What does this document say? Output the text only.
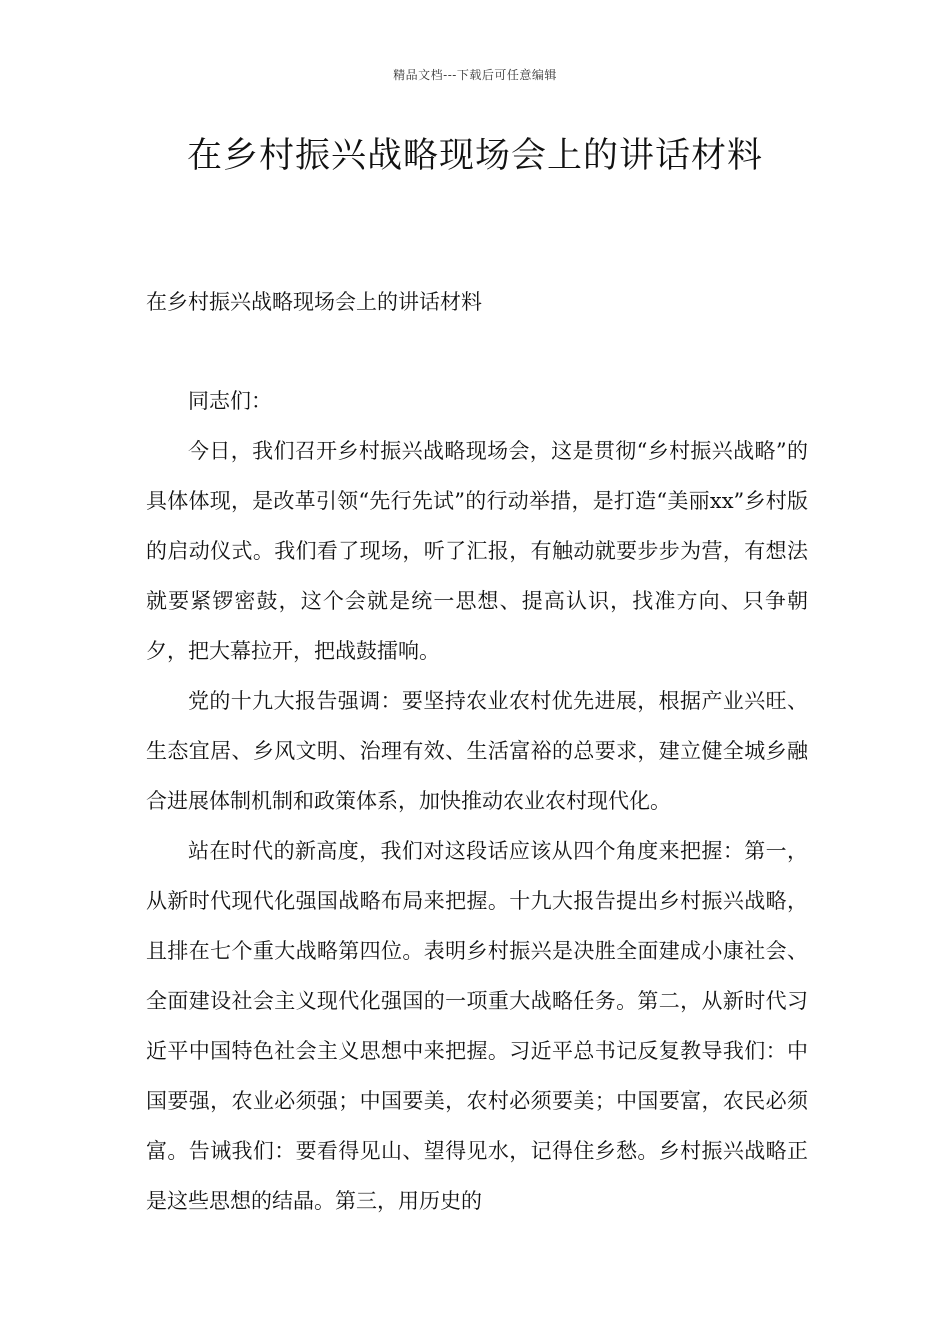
精品文档---下载后可任意编辑
在乡村振兴战略现场会上的讲话材料
在乡村振兴战略现场会上的讲话材料

同志们：

今日，我们召开乡村振兴战略现场会，这是贯彻“乡村振兴战略”的具体体现，是改革引领“先行先试”的行动举措，是打造“美丽xx”乡村版的启动仪式。我们看了现场，听了汇报，有触动就要步步为营，有想法就要紧锣密鼓，这个会就是统一思想、提高认识，找准方向、只争朝夕，把大幕拉开，把战鼓擂响。

党的十九大报告强调：要坚持农业农村优先进展，根据产业兴旺、生态宜居、乡风文明、治理有效、生活富裕的总要求，建立健全城乡融合进展体制机制和政策体系，加快推动农业农村现代化。

站在时代的新高度，我们对这段话应该从四个角度来把握：第一，从新时代现代化强国战略布局来把握。十九大报告提出乡村振兴战略，且排在七个重大战略第四位。表明乡村振兴是决胜全面建成小康社会、全面建设社会主义现代化强国的一项重大战略任务。第二，从新时代习近平中国特色社会主义思想中来把握。习近平总书记反复教导我们：中国要强，农业必须强；中国要美，农村必须要美；中国要富，农民必须富。告诫我们：要看得见山、望得见水，记得住乡愁。乡村振兴战略正是这些思想的结晶。第三，用历史的
